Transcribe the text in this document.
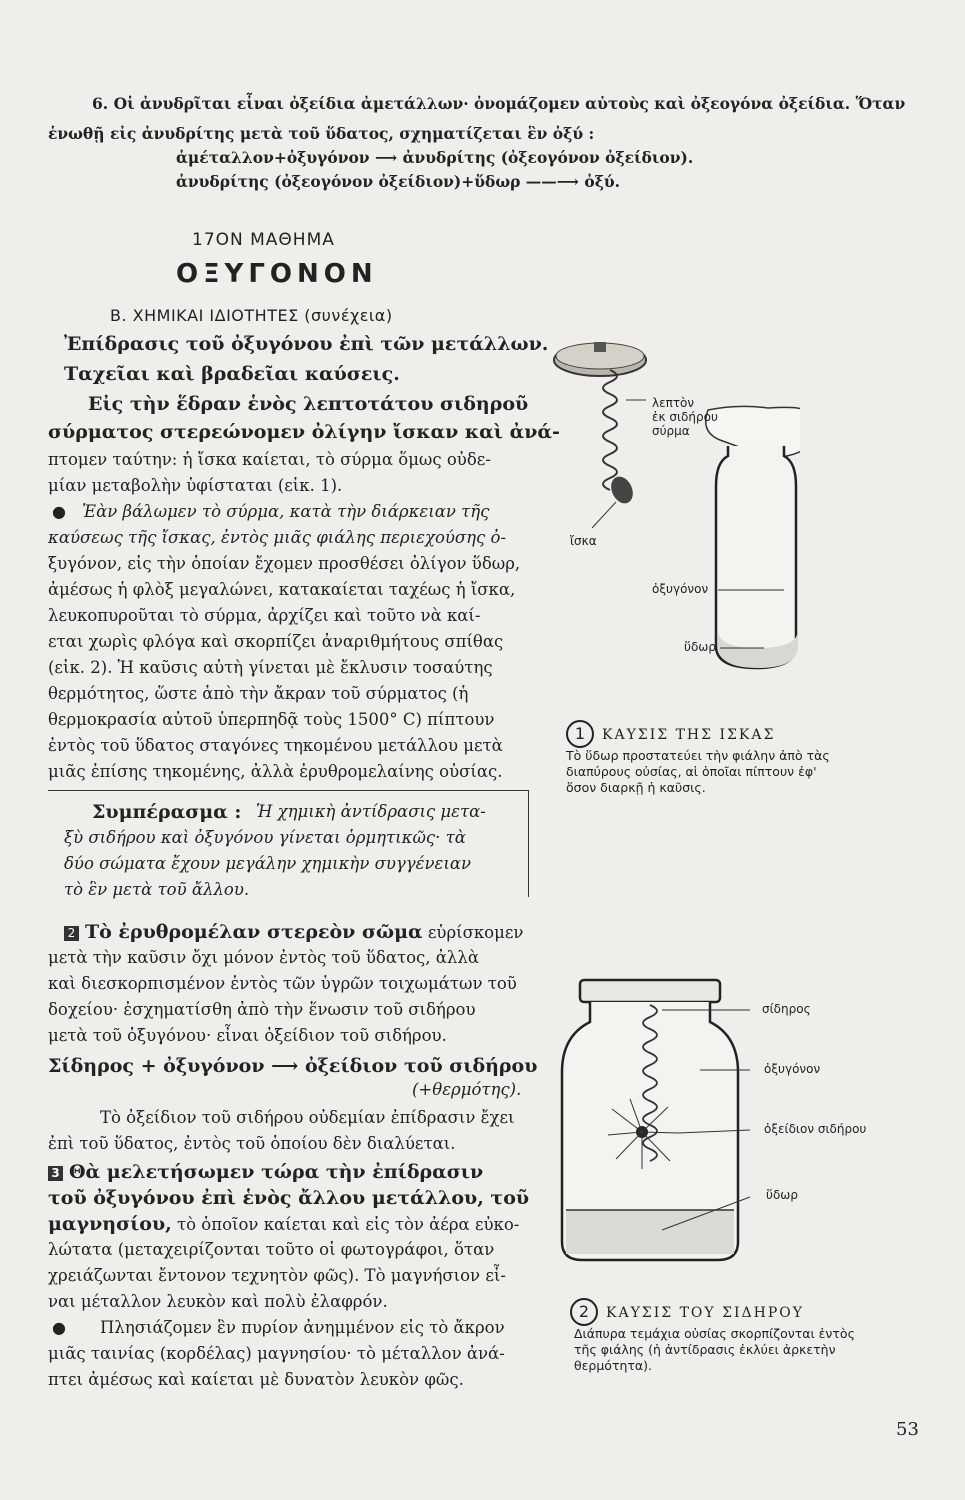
6. Οἱ ἀνυδρῖται εἶναι ὀξείδια ἀμετάλλων· ὀνομάζομεν αὐτοὺς καὶ ὀξεογόνα ὀξείδια. Ὅταν

ἑνωθῇ εἰς ἀνυδρίτης μετὰ τοῦ ὕδατος, σχηματίζεται ἓν ὀξύ :

ἀμέταλλον+ὀξυγόνον ⟶ ἀνυδρίτης (ὀξεογόνον ὀξείδιον).

ἀνυδρίτης (ὀξεογόνον ὀξείδιον)+ὕδωρ ——⟶ ὀξύ.

17ΟΝ ΜΑΘΗΜΑ

ΟΞΥΓΟΝΟΝ

Β. ΧΗΜΙΚΑΙ ΙΔΙΟΤΗΤΕΣ (συνέχεια)

Ἐπίδρασις τοῦ ὀξυγόνου ἐπὶ τῶν μετάλλων.

Ταχεῖαι καὶ βραδεῖαι καύσεις.

Εἰς τὴν ἕδραν ἑνὸς λεπτοτάτου σιδηροῦ

σύρματος στερεώνομεν ὀλίγην ἴσκαν καὶ ἀνά-

πτομεν ταύτην: ἡ ἴσκα καίεται, τὸ σύρμα ὅμως οὐδε-

μίαν μεταβολὴν ὑφίσταται (εἰκ. 1).

● Ἐὰν βάλωμεν τὸ σύρμα, κατὰ τὴν διάρκειαν τῆς

καύσεως τῆς ἴσκας, ἐντὸς μιᾶς φιάλης περιεχούσης ὀ-

ξυγόνον, εἰς τὴν ὁποίαν ἔχομεν προσθέσει ὀλίγον ὕδωρ,

ἀμέσως ἡ φλὸξ μεγαλώνει, κατακαίεται ταχέως ἡ ἴσκα,

λευκοπυροῦται τὸ σύρμα, ἀρχίζει καὶ τοῦτο νὰ καί-

εται χωρὶς φλόγα καὶ σκορπίζει ἀναριθμήτους σπίθας

(εἰκ. 2). Ἡ καῦσις αὐτὴ γίνεται μὲ ἔκλυσιν τοσαύτης

θερμότητος, ὥστε ἀπὸ τὴν ἄκραν τοῦ σύρματος (ἡ

θερμοκρασία αὐτοῦ ὑπερπηδᾷ τοὺς 1500° C) πίπτουν

ἐντὸς τοῦ ὕδατος σταγόνες τηκομένου μετάλλου μετὰ

μιᾶς ἐπίσης τηκομένης, ἀλλὰ ἐρυθρομελαίνης οὐσίας.

Συμπέρασμα : Ἡ χημικὴ ἀντίδρασις μετα-

ξὺ σιδήρου καὶ ὀξυγόνου γίνεται ὁρμητικῶς· τὰ

δύο σώματα ἔχουν μεγάλην χημικὴν συγγένειαν

τὸ ἓν μετὰ τοῦ ἄλλου.

2 Τὸ ἐρυθρομέλαν στερεὸν σῶμα εὑρίσκομεν

μετὰ τὴν καῦσιν ὄχι μόνον ἐντὸς τοῦ ὕδατος, ἀλλὰ

καὶ διεσκορπισμένον ἐντὸς τῶν ὑγρῶν τοιχωμάτων τοῦ

δοχείου· ἐσχηματίσθη ἀπὸ τὴν ἕνωσιν τοῦ σιδήρου

μετὰ τοῦ ὀξυγόνου· εἶναι ὀξείδιον τοῦ σιδήρου.

Σίδηρος + ὀξυγόνον ⟶ ὀξείδιον τοῦ σιδήρου

(+θερμότης).

Τὸ ὀξείδιον τοῦ σιδήρου οὐδεμίαν ἐπίδρασιν ἔχει

ἐπὶ τοῦ ὕδατος, ἐντὸς τοῦ ὁποίου δὲν διαλύεται.

3 Θὰ μελετήσωμεν τώρα τὴν ἐπίδρασιν

τοῦ ὀξυγόνου ἐπὶ ἑνὸς ἄλλου μετάλλου, τοῦ

μαγνησίου, τὸ ὁποῖον καίεται καὶ εἰς τὸν ἀέρα εὐκο-

λώτατα (μεταχειρίζονται τοῦτο οἱ φωτογράφοι, ὅταν

χρειάζωνται ἔντονον τεχνητὸν φῶς). Τὸ μαγνήσιον εἶ-

ναι μέταλλον λευκὸν καὶ πολὺ ἐλαφρόν.

● Πλησιάζομεν ἓν πυρίον ἀνημμένον εἰς τὸ ἄκρον

μιᾶς ταινίας (κορδέλας) μαγνησίου· τὸ μέταλλον ἀνά-

πτει ἀμέσως καὶ καίεται μὲ δυνατὸν λευκὸν φῶς.

λεπτὸν
ἐκ σιδήρου
σύρμα
ἴσκα
ὀξυγόνον
ὕδωρ
1 ΚΑΥΣΙΣ ΤΗΣ ΙΣΚΑΣ
Τὸ ὕδωρ προστατεύει τὴν φιάλην ἀπὸ τὰς
διαπύρους οὐσίας, αἱ ὁποῖαι πίπτουν ἐφ'
ὅσον διαρκῇ ἡ καῦσις.
σίδηρος
ὀξυγόνον
ὀξείδιον σιδήρου
ὕδωρ
2 ΚΑΥΣΙΣ ΤΟΥ ΣΙΔΗΡΟΥ
Διάπυρα τεμάχια οὐσίας σκορπίζονται ἐντὸς
τῆς φιάλης (ἡ ἀντίδρασις ἐκλύει ἀρκετὴν
θερμότητα).

53
